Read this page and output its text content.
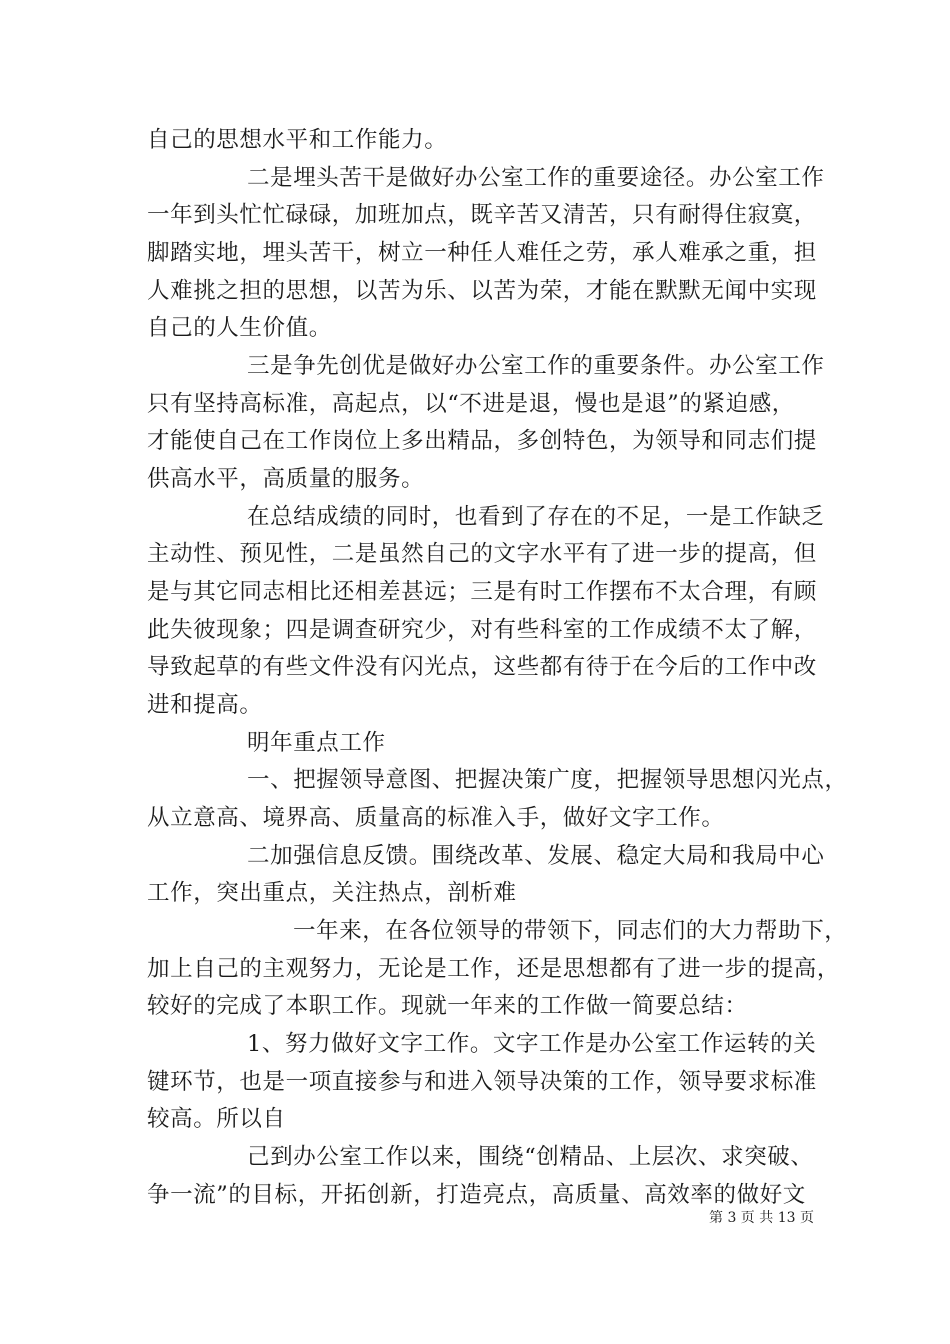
自己的思想水平和工作能力。
二是埋头苦干是做好办公室工作的重要途径。办公室工作
一年到头忙忙碌碌，加班加点，既辛苦又清苦，只有耐得住寂寞，
脚踏实地，埋头苦干，树立一种任人难任之劳，承人难承之重，担
人难挑之担的思想，以苦为乐、以苦为荣，才能在默默无闻中实现
自己的人生价值。
三是争先创优是做好办公室工作的重要条件。办公室工作
只有坚持高标准，高起点，以“不进是退，慢也是退”的紧迫感，
才能使自己在工作岗位上多出精品，多创特色，为领导和同志们提
供高水平，高质量的服务。
在总结成绩的同时，也看到了存在的不足，一是工作缺乏
主动性、预见性，二是虽然自己的文字水平有了进一步的提高，但
是与其它同志相比还相差甚远；三是有时工作摆布不太合理，有顾
此失彼现象；四是调查研究少，对有些科室的工作成绩不太了解，
导致起草的有些文件没有闪光点，这些都有待于在今后的工作中改
进和提高。
明年重点工作
一、把握领导意图、把握决策广度，把握领导思想闪光点，
从立意高、境界高、质量高的标准入手，做好文字工作。
二加强信息反馈。围绕改革、发展、稳定大局和我局中心
工作，突出重点，关注热点，剖析难
一年来，在各位领导的带领下，同志们的大力帮助下，
加上自己的主观努力，无论是工作，还是思想都有了进一步的提高，
较好的完成了本职工作。现就一年来的工作做一简要总结：
1、努力做好文字工作。文字工作是办公室工作运转的关
键环节，也是一项直接参与和进入领导决策的工作，领导要求标准
较高。所以自
己到办公室工作以来，围绕“创精品、上层次、求突破、
争一流”的目标，开拓创新，打造亮点，高质量、高效率的做好文
第 3 页 共 13 页
